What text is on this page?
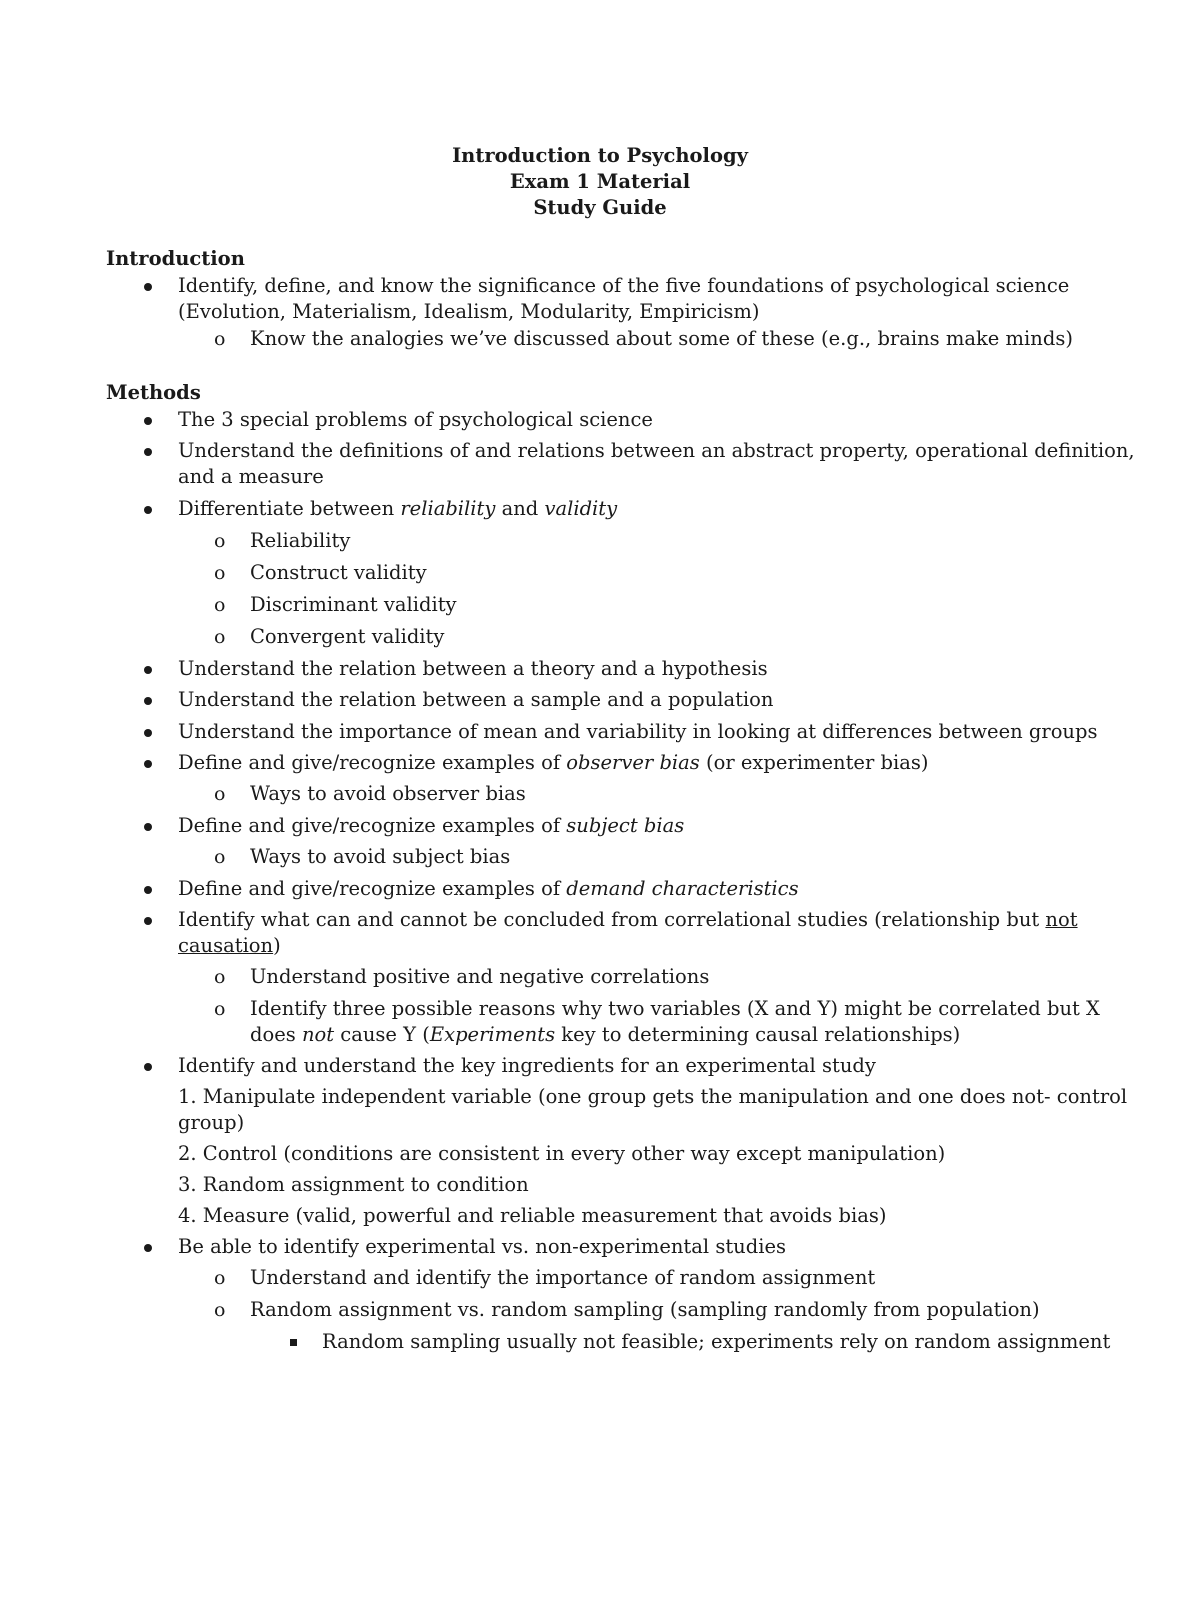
Introduction to Psychology
Exam 1 Material
Study Guide
Introduction
Identify, define, and know the significance of the five foundations of psychological science
(Evolution, Materialism, Idealism, Modularity, Empiricism)
o Know the analogies we’ve discussed about some of these (e.g., brains make minds)
Methods
The 3 special problems of psychological science
Understand the definitions of and relations between an abstract property, operational definition,
and a measure
Differentiate between reliability and validity
o Reliability
o Construct validity
o Discriminant validity
o Convergent validity
Understand the relation between a theory and a hypothesis
Understand the relation between a sample and a population
Understand the importance of mean and variability in looking at differences between groups
Define and give/recognize examples of observer bias (or experimenter bias)
o Ways to avoid observer bias
Define and give/recognize examples of subject bias
o Ways to avoid subject bias
Define and give/recognize examples of demand characteristics
Identify what can and cannot be concluded from correlational studies (relationship but not
causation)
o Understand positive and negative correlations
o Identify three possible reasons why two variables (X and Y) might be correlated but X
does not cause Y (Experiments key to determining causal relationships)
Identify and understand the key ingredients for an experimental study
1. Manipulate independent variable (one group gets the manipulation and one does not- control
group)
2. Control (conditions are consistent in every other way except manipulation)
3. Random assignment to condition
4. Measure (valid, powerful and reliable measurement that avoids bias)
Be able to identify experimental vs. non-experimental studies
o Understand and identify the importance of random assignment
o Random assignment vs. random sampling (sampling randomly from population)
Random sampling usually not feasible; experiments rely on random assignment
